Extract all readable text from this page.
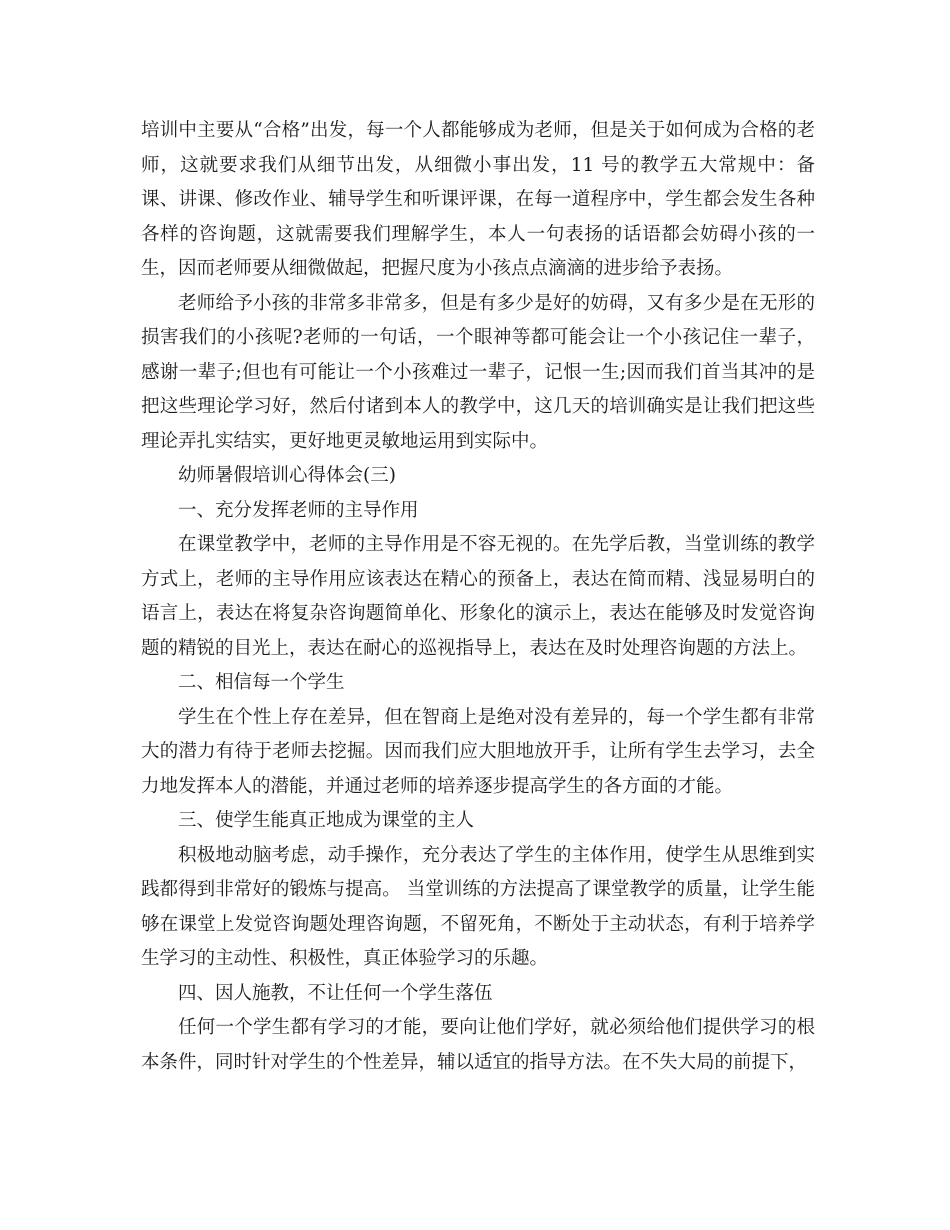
培训中主要从“合格”出发，每一个人都能够成为老师，但是关于如何成为合格的老师，这就要求我们从细节出发，从细微小事出发，11 号的教学五大常规中：备课、讲课、修改作业、辅导学生和听课评课，在每一道程序中，学生都会发生各种各样的咨询题，这就需要我们理解学生，本人一句表扬的话语都会妨碍小孩的一生，因而老师要从细微做起，把握尺度为小孩点点滴滴的进步给予表扬。

老师给予小孩的非常多非常多，但是有多少是好的妨碍，又有多少是在无形的损害我们的小孩呢?老师的一句话，一个眼神等都可能会让一个小孩记住一辈子，感谢一辈子;但也有可能让一个小孩难过一辈子，记恨一生;因而我们首当其冲的是把这些理论学习好，然后付诸到本人的教学中，这几天的培训确实是让我们把这些理论弄扎实结实，更好地更灵敏地运用到实际中。

幼师暑假培训心得体会(三)

一、充分发挥老师的主导作用

在课堂教学中，老师的主导作用是不容无视的。在先学后教，当堂训练的教学方式上，老师的主导作用应该表达在精心的预备上，表达在简而精、浅显易明白的语言上，表达在将复杂咨询题简单化、形象化的演示上，表达在能够及时发觉咨询题的精锐的目光上，表达在耐心的巡视指导上，表达在及时处理咨询题的方法上。

二、相信每一个学生

学生在个性上存在差异，但在智商上是绝对没有差异的，每一个学生都有非常大的潜力有待于老师去挖掘。因而我们应大胆地放开手，让所有学生去学习，去全力地发挥本人的潜能，并通过老师的培养逐步提高学生的各方面的才能。

三、使学生能真正地成为课堂的主人

积极地动脑考虑，动手操作，充分表达了学生的主体作用，使学生从思维到实践都得到非常好的锻炼与提高。 当堂训练的方法提高了课堂教学的质量，让学生能够在课堂上发觉咨询题处理咨询题，不留死角，不断处于主动状态，有利于培养学生学习的主动性、积极性，真正体验学习的乐趣。

四、因人施教，不让任何一个学生落伍

任何一个学生都有学习的才能，要向让他们学好，就必须给他们提供学习的根本条件，同时针对学生的个性差异，辅以适宜的指导方法。在不失大局的前提下，
